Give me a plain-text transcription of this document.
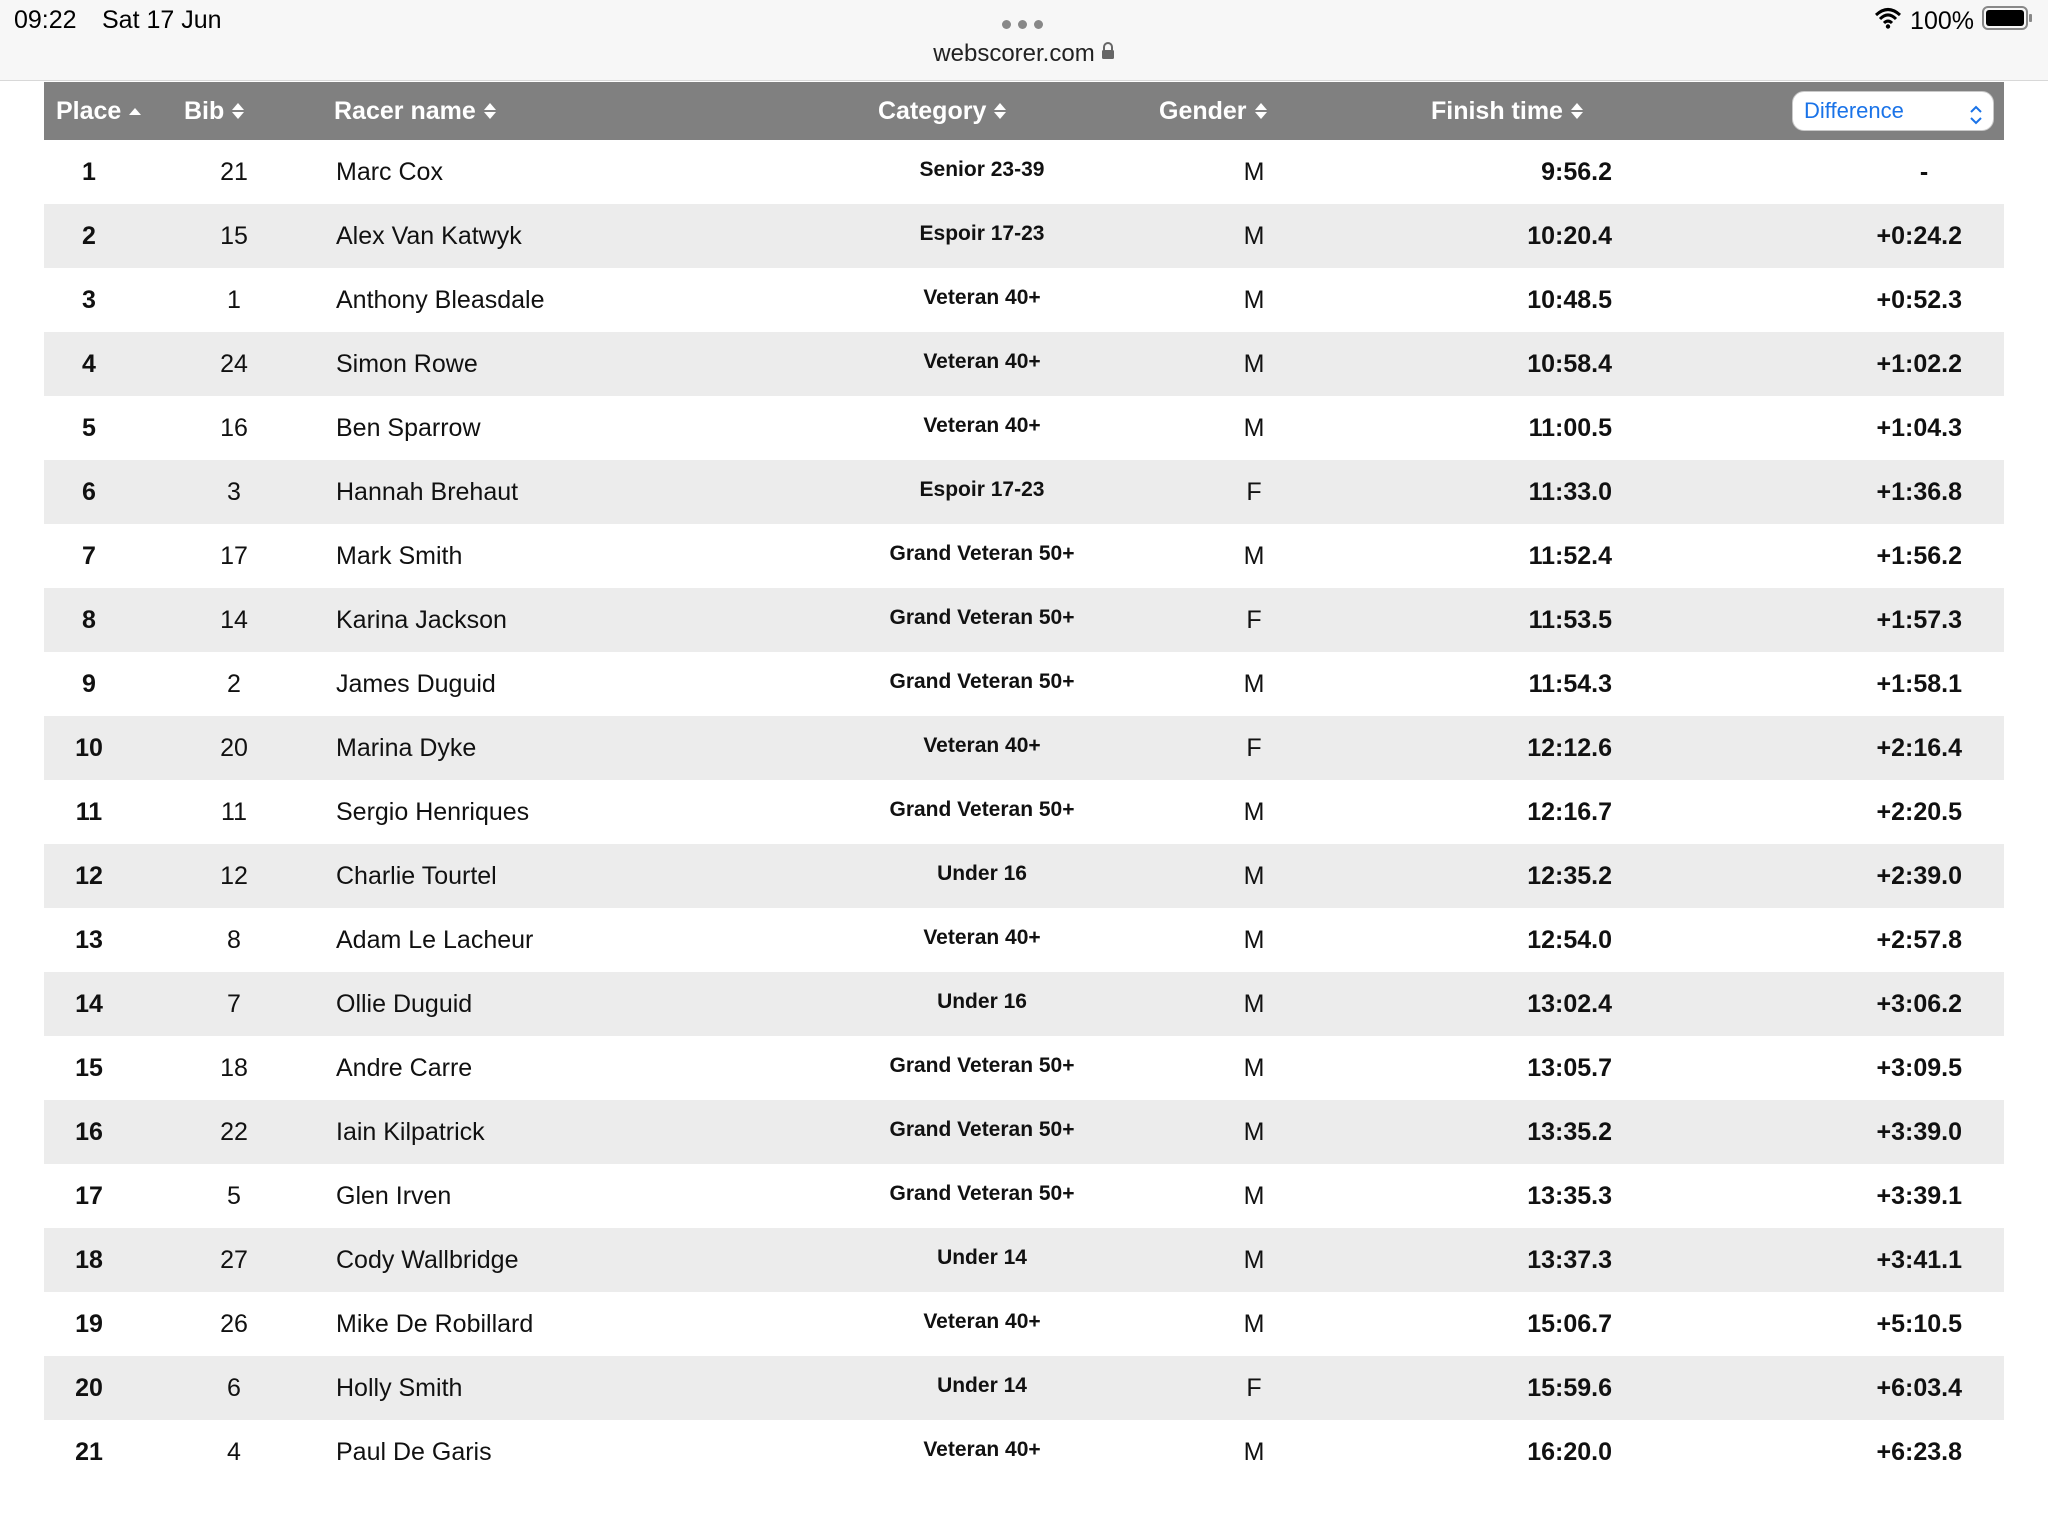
09:22 Sat 17 Jun
webscorer.com
100%
Place	Bib	Racer name	Category	Gender	Finish time	Difference
1	21	Marc Cox	Senior 23-39	M	9:56.2	-
2	15	Alex Van Katwyk	Espoir 17-23	M	10:20.4	+0:24.2
3	1	Anthony Bleasdale	Veteran 40+	M	10:48.5	+0:52.3
4	24	Simon Rowe	Veteran 40+	M	10:58.4	+1:02.2
5	16	Ben Sparrow	Veteran 40+	M	11:00.5	+1:04.3
6	3	Hannah Brehaut	Espoir 17-23	F	11:33.0	+1:36.8
7	17	Mark Smith	Grand Veteran 50+	M	11:52.4	+1:56.2
8	14	Karina Jackson	Grand Veteran 50+	F	11:53.5	+1:57.3
9	2	James Duguid	Grand Veteran 50+	M	11:54.3	+1:58.1
10	20	Marina Dyke	Veteran 40+	F	12:12.6	+2:16.4
11	11	Sergio Henriques	Grand Veteran 50+	M	12:16.7	+2:20.5
12	12	Charlie Tourtel	Under 16	M	12:35.2	+2:39.0
13	8	Adam Le Lacheur	Veteran 40+	M	12:54.0	+2:57.8
14	7	Ollie Duguid	Under 16	M	13:02.4	+3:06.2
15	18	Andre Carre	Grand Veteran 50+	M	13:05.7	+3:09.5
16	22	Iain Kilpatrick	Grand Veteran 50+	M	13:35.2	+3:39.0
17	5	Glen Irven	Grand Veteran 50+	M	13:35.3	+3:39.1
18	27	Cody Wallbridge	Under 14	M	13:37.3	+3:41.1
19	26	Mike De Robillard	Veteran 40+	M	15:06.7	+5:10.5
20	6	Holly Smith	Under 14	F	15:59.6	+6:03.4
21	4	Paul De Garis	Veteran 40+	M	16:20.0	+6:23.8
